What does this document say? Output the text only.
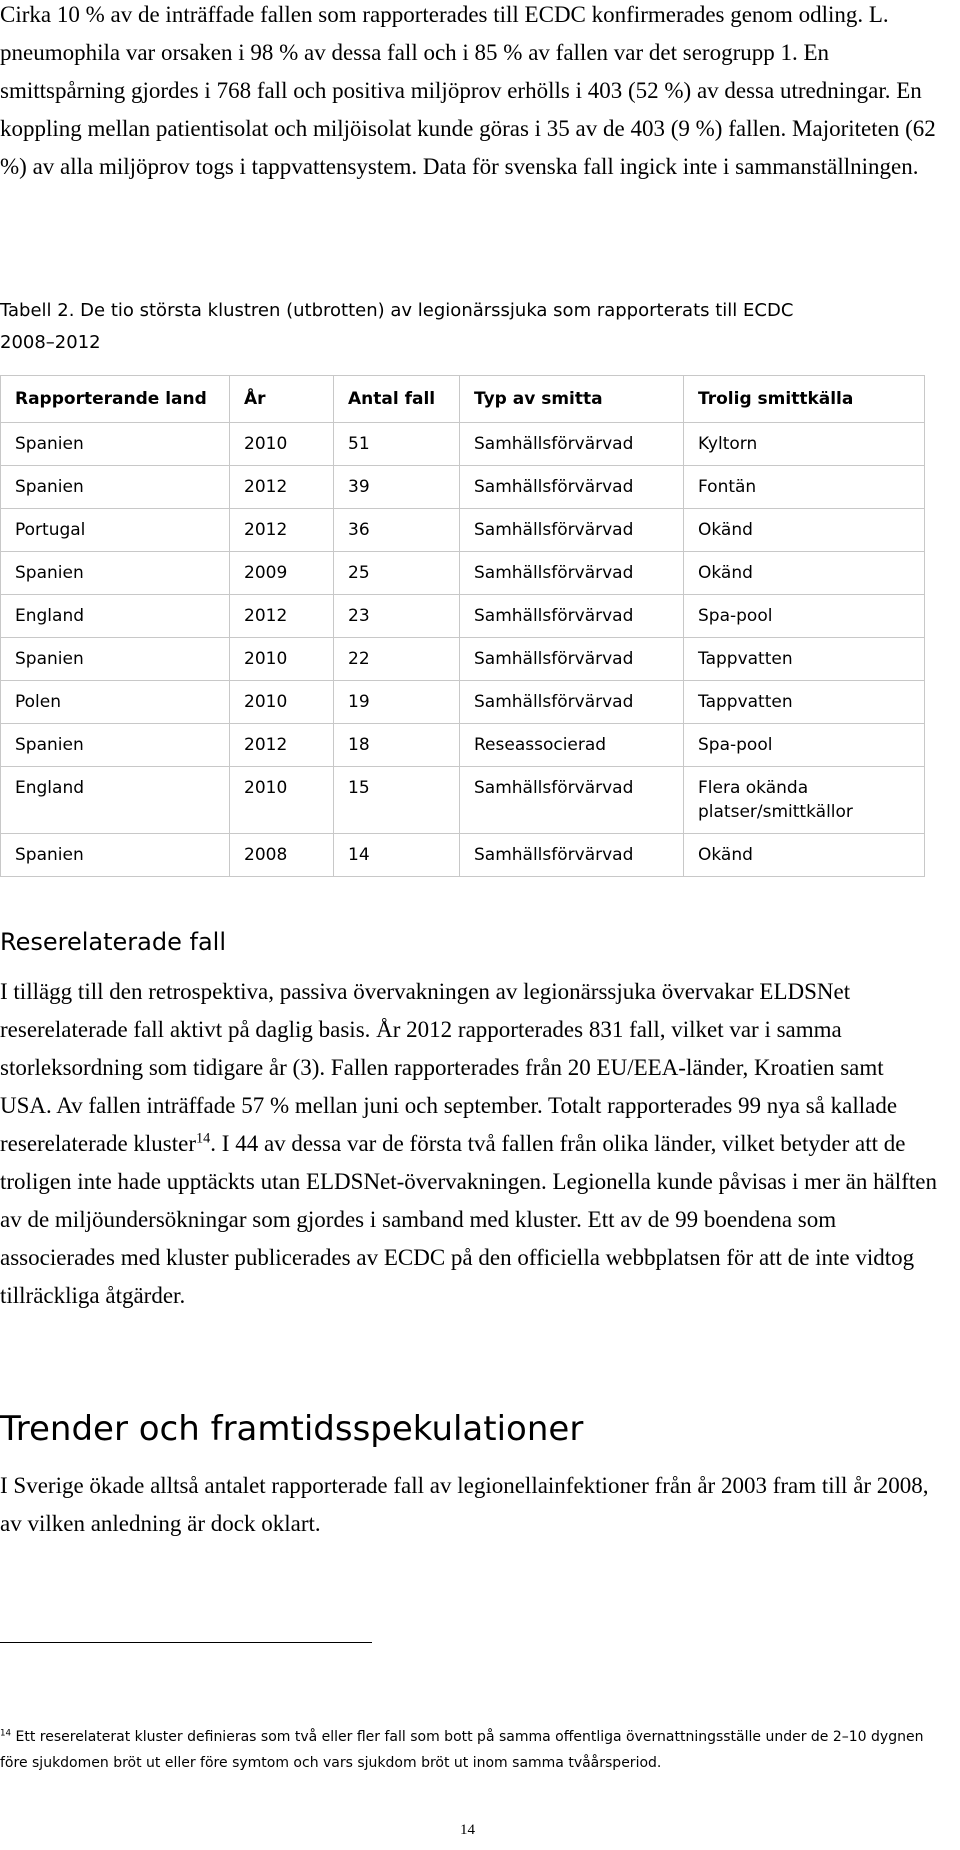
Cirka 10 % av de inträffade fallen som rapporterades till ECDC konfirmerades genom odling. L. pneumophila var orsaken i 98 % av dessa fall och i 85 % av fallen var det serogrupp 1. En smittspårning gjordes i 768 fall och positiva miljöprov erhölls i 403 (52 %) av dessa utredningar. En koppling mellan patientisolat och miljöisolat kunde göras i 35 av de 403 (9 %) fallen. Majoriteten (62 %) av alla miljöprov togs i tappvattensystem. Data för svenska fall ingick inte i sammanställningen.

Tabell 2. De tio största klustren (utbrotten) av legionärssjuka som rapporterats till ECDC
2008–2012

Rapporterande land	År	Antal fall	Typ av smitta	Trolig smittkälla
Spanien	2010	51	Samhällsförvärvad	Kyltorn
Spanien	2012	39	Samhällsförvärvad	Fontän
Portugal	2012	36	Samhällsförvärvad	Okänd
Spanien	2009	25	Samhällsförvärvad	Okänd
England	2012	23	Samhällsförvärvad	Spa-pool
Spanien	2010	22	Samhällsförvärvad	Tappvatten
Polen	2010	19	Samhällsförvärvad	Tappvatten
Spanien	2012	18	Reseassocierad	Spa-pool
England	2010	15	Samhällsförvärvad	Flera okända platser/smittkällor
Spanien	2008	14	Samhällsförvärvad	Okänd
Reserelaterade fall

I tillägg till den retrospektiva, passiva övervakningen av legionärssjuka övervakar ELDSNet reserelaterade fall aktivt på daglig basis. År 2012 rapporterades 831 fall, vilket var i samma storleksordning som tidigare år (3). Fallen rapporterades från 20 EU/EEA-länder, Kroatien samt USA. Av fallen inträffade 57 % mellan juni och september. Totalt rapporterades 99 nya så kallade reserelaterade kluster$^{14}$. I 44 av dessa var de första två fallen från olika länder, vilket betyder att de troligen inte hade upptäckts utan ELDSNet-övervakningen. Legionella kunde påvisas i mer än hälften av de miljöundersökningar som gjordes i samband med kluster. Ett av de 99 boendena som associerades med kluster publicerades av ECDC på den officiella webbplatsen för att de inte vidtog tillräckliga åtgärder.

Trender och framtidsspekulationer

I Sverige ökade alltså antalet rapporterade fall av legionellainfektioner från år 2003 fram till år 2008, av vilken anledning är dock oklart.

$^{14}$ Ett reserelaterat kluster definieras som två eller fler fall som bott på samma offentliga övernattningsställe under de 2–10 dygnen före sjukdomen bröt ut eller före symtom och vars sjukdom bröt ut inom samma tvåårsperiod.

14
